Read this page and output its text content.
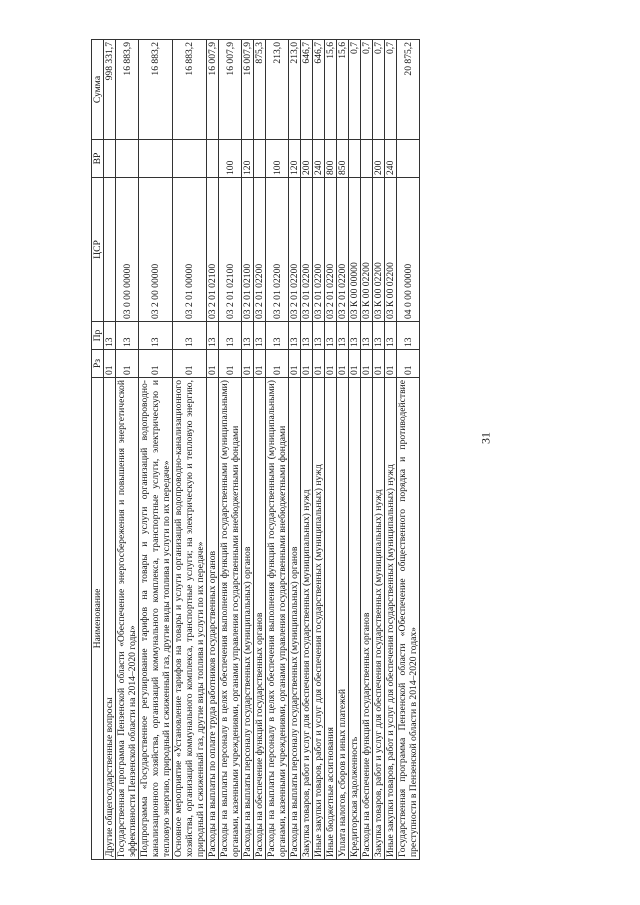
31
Наименование	Рз	Пр	ЦСР	ВР	Сумма
Другие общегосударственные вопросы	01	13			998 331,7
Государственная программа Пензенской области «Обеспечение энергосбережения и повышения энергетической эффективности Пензенской области на 2014–2020 годы»	01	13	03 0 00 00000		16 883,9
Подпрограмма «Государственное регулирование тарифов на товары и услуги организаций водопроводно-канализационного хозяйства, организаций коммунального комплекса, транспортные услуги, электрическую и тепловую энергию, природный и сжиженный газ, другие виды топлива и услуги по их передаче»	01	13	03 2 00 00000		16 883,2
Основное мероприятие «Установление тарифов на товары и услуги организаций водопроводно-канализационного хозяйства, организаций коммунального комплекса, транспортные услуги; на электрическую и тепловую энергию, природный и сжиженный газ, другие виды топлива и услуги по их передаче»	01	13	03 2 01 00000		16 883,2
Расходы на выплаты по оплате труда работников государственных органов	01	13	03 2 01 02100		16 007,9
Расходы на выплаты персоналу в целях обеспечения выполнения функций государственными (муниципальными) органами, казенными учреждениями, органами управления государственными внебюджетными фондами	01	13	03 2 01 02100	100	16 007,9
Расходы на выплаты персоналу государственных (муниципальных) органов	01	13	03 2 01 02100	120	16 007,9
Расходы на обеспечение функций государственных органов	01	13	03 2 01 02200		875,3
Расходы на выплаты персоналу в целях обеспечения выполнения функций государственными (муниципальными) органами, казенными учреждениями, органами управления государственными внебюджетными фондами	01	13	03 2 01 02200	100	213,0
Расходы на выплаты персоналу государственных (муниципальных) органов	01	13	03 2 01 02200	120	213,0
Закупка товаров, работ и услуг для обеспечения государственных (муниципальных) нужд	01	13	03 2 01 02200	200	646,7
Иные закупки товаров, работ и услуг для обеспечения государственных (муниципальных) нужд	01	13	03 2 01 02200	240	646,7
Иные бюджетные ассигнования	01	13	03 2 01 02200	800	15,6
Уплата налогов, сборов и иных платежей	01	13	03 2 01 02200	850	15,6
Кредиторская задолженность	01	13	03 К 00 00000		0,7
Расходы на обеспечение функций государственных органов	01	13	03 К 00 02200		0,7
Закупка товаров, работ и услуг для обеспечения государственных (муниципальных) нужд	01	13	03 К 00 02200	200	0,7
Иные закупки товаров, работ и услуг для обеспечения государственных (муниципальных) нужд	01	13	03 К 00 02200	240	0,7
Государственная программа Пензенской области «Обеспечение общественного порядка и противодействие преступности в Пензенской области в 2014–2020 годах»	01	13	04 0 00 00000		20 875,2
